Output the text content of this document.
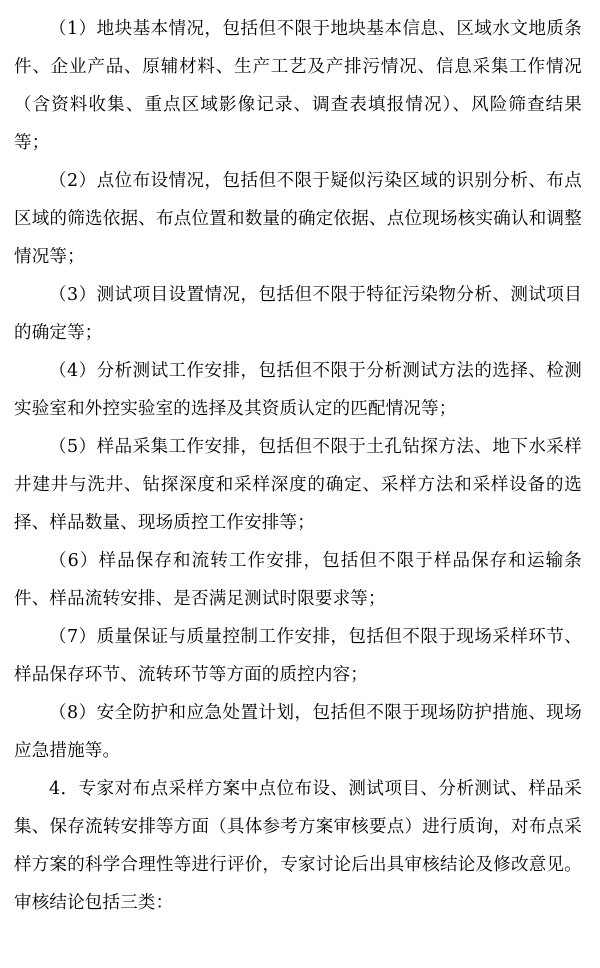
（1）地块基本情况，包括但不限于地块基本信息、区域水文地质条件、企业产品、原辅材料、生产工艺及产排污情况、信息采集工作情况（含资料收集、重点区域影像记录、调查表填报情况）、风险筛查结果等；

（2）点位布设情况，包括但不限于疑似污染区域的识别分析、布点区域的筛选依据、布点位置和数量的确定依据、点位现场核实确认和调整情况等；

（3）测试项目设置情况，包括但不限于特征污染物分析、测试项目的确定等；

（4）分析测试工作安排，包括但不限于分析测试方法的选择、检测实验室和外控实验室的选择及其资质认定的匹配情况等；

（5）样品采集工作安排，包括但不限于土孔钻探方法、地下水采样井建井与洗井、钻探深度和采样深度的确定、采样方法和采样设备的选择、样品数量、现场质控工作安排等；

（6）样品保存和流转工作安排，包括但不限于样品保存和运输条件、样品流转安排、是否满足测试时限要求等；

（7）质量保证与质量控制工作安排，包括但不限于现场采样环节、样品保存环节、流转环节等方面的质控内容；

（8）安全防护和应急处置计划，包括但不限于现场防护措施、现场应急措施等。

4．专家对布点采样方案中点位布设、测试项目、分析测试、样品采集、保存流转安排等方面（具体参考方案审核要点）进行质询，对布点采样方案的科学合理性等进行评价，专家讨论后出具审核结论及修改意见。审核结论包括三类：
